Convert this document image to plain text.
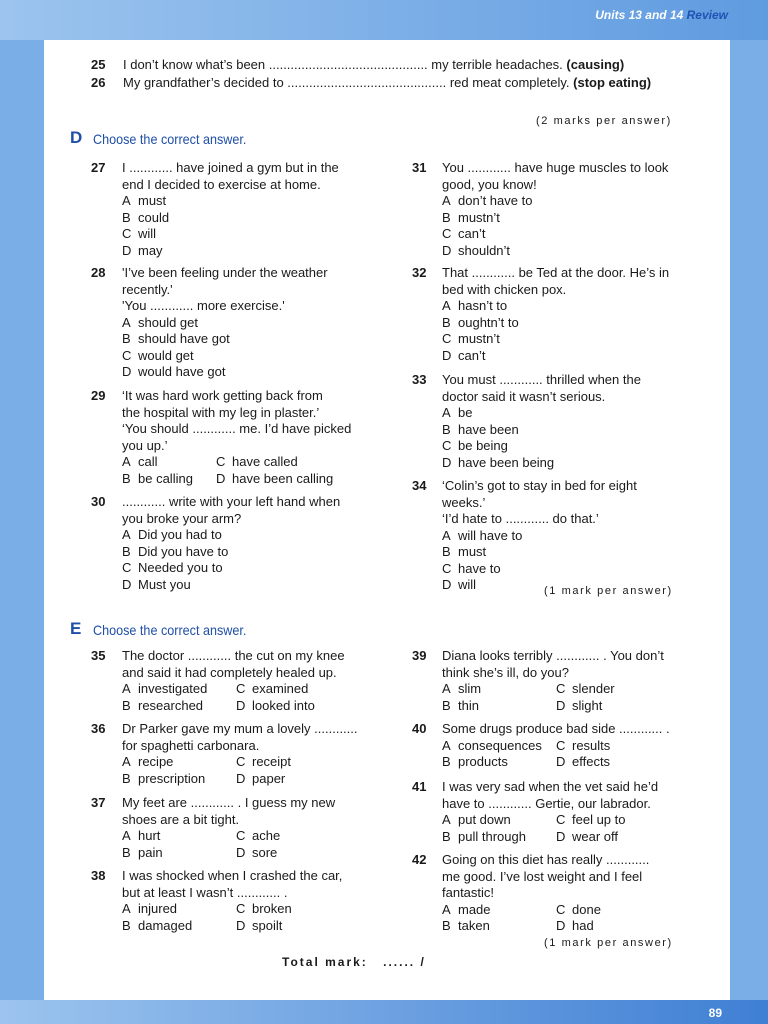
Units 13 and 14 Review
25 I don’t know what’s been ............................................ my terrible headaches. (causing)
26 My grandfather’s decided to ............................................ red meat completely. (stop eating)
(2 marks per answer)
D Choose the correct answer.
27 I ............ have joined a gym but in the
end I decided to exercise at home.
A must
B could
C will
D may
28 'I’ve been feeling under the weather
recently.'
'You ............ more exercise.'
A should get
B should have got
C would get
D would have got
29 ‘It was hard work getting back from
the hospital with my leg in plaster.’
‘You should ............ me. I’d have picked
you up.’
A call	C have called
B be calling	D have been calling
30 ............ write with your left hand when
you broke your arm?
A Did you had to
B Did you have to
C Needed you to
D Must you
31 You ............ have huge muscles to look
good, you know!
A don’t have to
B mustn’t
C can’t
D shouldn’t
32 That ............ be Ted at the door. He’s in
bed with chicken pox.
A hasn’t to
B oughtn’t to
C mustn’t
D can’t
33 You must ............ thrilled when the
doctor said it wasn’t serious.
A be
B have been
C be being
D have been being
34 ‘Colin’s got to stay in bed for eight
weeks.’
‘I’d hate to ............ do that.’
A will have to
B must
C have to
D will	(1 mark per answer)
E Choose the correct answer.
35 The doctor ............ the cut on my knee
and said it had completely healed up.
A investigated	C examined
B researched	D looked into
36 Dr Parker gave my mum a lovely ............
for spaghetti carbonara.
A recipe	C receipt
B prescription	D paper
37 My feet are ............ . I guess my new
shoes are a bit tight.
A hurt	C ache
B pain	D sore
38 I was shocked when I crashed the car,
but at least I wasn’t ............ .
A injured	C broken
B damaged	D spoilt
39 Diana looks terribly ............ . You don’t
think she’s ill, do you?
A slim	C slender
B thin	D slight
40 Some drugs produce bad side ............ .
A consequences	C results
B products	D effects
41 I was very sad when the vet said he’d
have to ............ Gertie, our labrador.
A put down	C feel up to
B pull through	D wear off
42 Going on this diet has really ............
me good. I’ve lost weight and I feel
fantastic!
A made	C done
B taken	D had
(1 mark per answer)
Total mark: ...... /
89
